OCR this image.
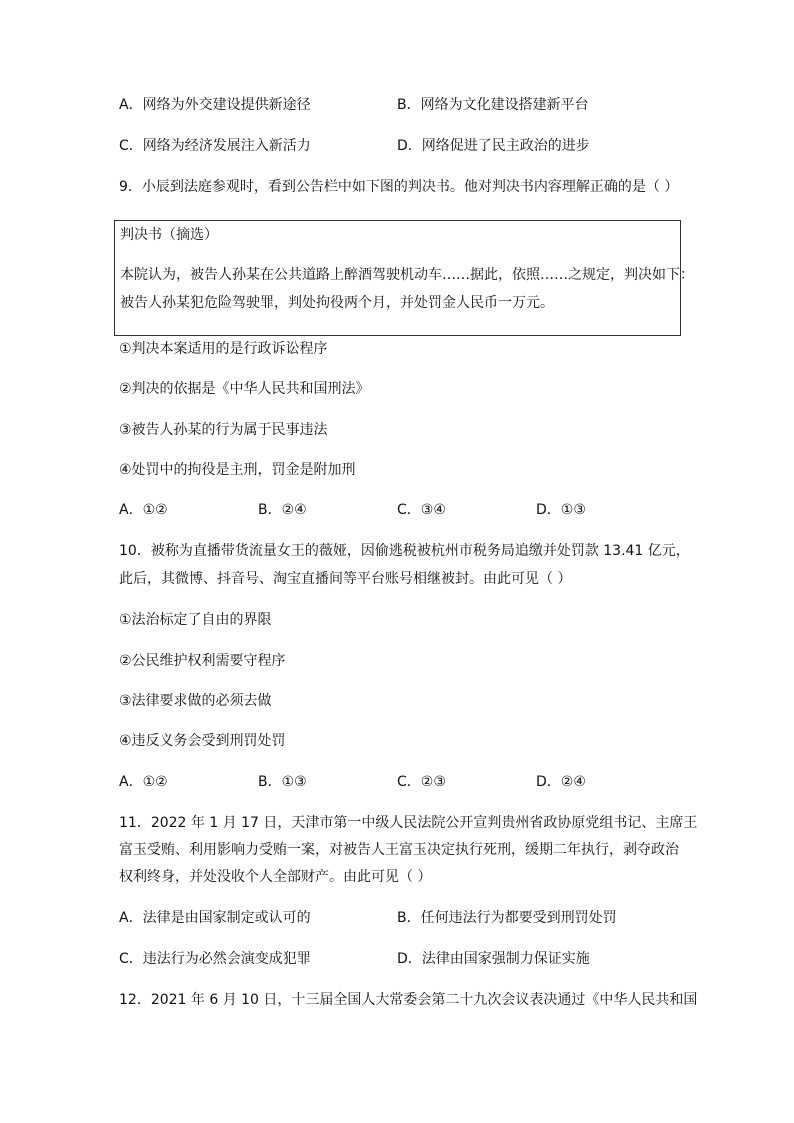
A．网络为外交建设提供新途径	B．网络为文化建设搭建新平台
C．网络为经济发展注入新活力	D．网络促进了民主政治的进步
9．小辰到法庭参观时，看到公告栏中如下图的判决书。他对判决书内容理解正确的是（ ）
判决书（摘选）
本院认为，被告人孙某在公共道路上醉酒驾驶机动车……据此，依照……之规定，判决如下：
被告人孙某犯危险驾驶罪，判处拘役两个月，并处罚金人民币一万元。
①判决本案适用的是行政诉讼程序
②判决的依据是《中华人民共和国刑法》
③被告人孙某的行为属于民事违法
④处罚中的拘役是主刑，罚金是附加刑
A．①②	B．②④	C．③④	D．①③
10．被称为直播带货流量女王的薇娅，因偷逃税被杭州市税务局追缴并处罚款 13.41 亿元，
此后，其微博、抖音号、淘宝直播间等平台账号相继被封。由此可见（ ）
①法治标定了自由的界限
②公民维护权利需要守程序
③法律要求做的必须去做
④违反义务会受到刑罚处罚
A．①②	B．①③	C．②③	D．②④
11．2022 年 1 月 17 日，天津市第一中级人民法院公开宣判贵州省政协原党组书记、主席王
富玉受贿、利用影响力受贿一案，对被告人王富玉决定执行死刑，缓期二年执行，剥夺政治
权利终身，并处没收个人全部财产。由此可见（ ）
A．法律是由国家制定或认可的	B．任何违法行为都要受到刑罚处罚
C．违法行为必然会演变成犯罪	D．法律由国家强制力保证实施
12．2021 年 6 月 10 日，十三届全国人大常委会第二十九次会议表决通过《中华人民共和国
